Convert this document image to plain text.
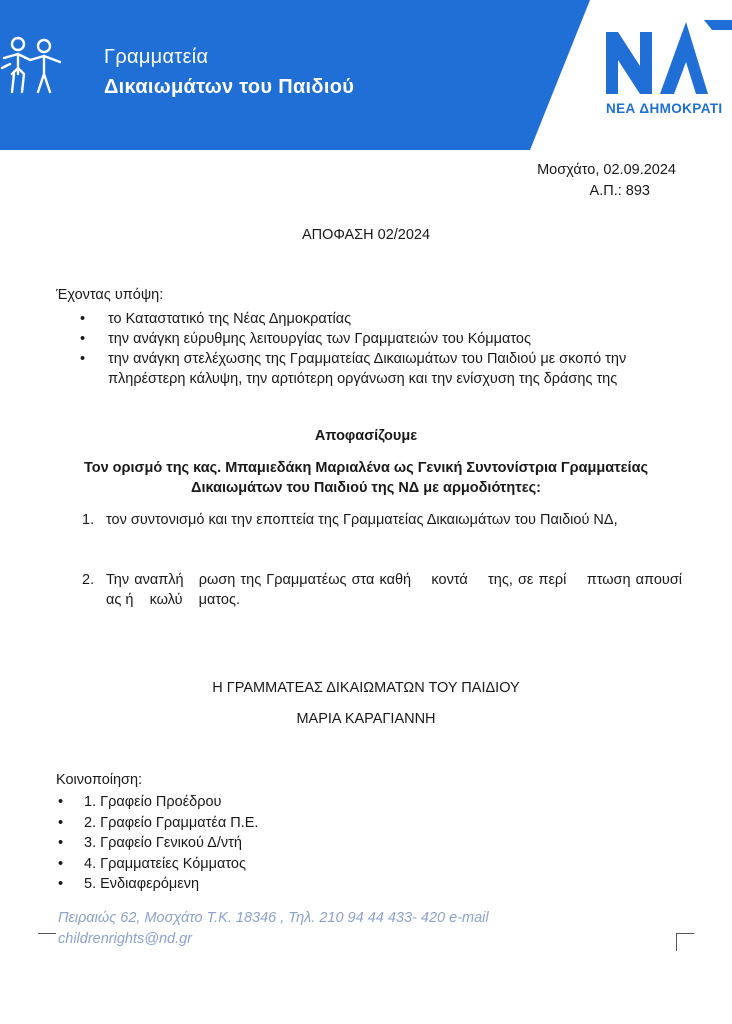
Γραμματεία
Δικαιωμάτων του Παιδιού
ΝΕΑ ΔΗΜΟΚΡΑΤΙ
Μοσχάτο, 02.09.2024
Α.Π.: 893
ΑΠΟΦΑΣΗ 02/2024
Έχοντας υπόψη:
• το Καταστατικό της Νέας Δημοκρατίας
• την ανάγκη εύρυθμης λειτουργίας των Γραμματειών του Κόμματος
• την ανάγκη στελέχωσης της Γραμματείας Δικαιωμάτων του Παιδιού με σκοπό την πληρέστερη κάλυψη, την αρτιότερη οργάνωση και την ενίσχυση της δράσης της
Αποφασίζουμε
Τον ορισμό της κας. Μπαμιεδάκη Μαριαλένα ως Γενική Συντονίστρια Γραμματείας Δικαιωμάτων του Παιδιού της ΝΔ με αρμοδιότητες:
1. τον συντονισμό και την εποπτεία της Γραμματείας Δικαιωμάτων του Παιδιού ΝΔ,
2. Την αναπλή   ρωση της Γραμματέως στα καθή    κοντά    της, σε περί    πτωση απουσί    ας ή    κωλύ    ματος.
Η ΓΡΑΜΜΑΤΕΑΣ ΔΙΚΑΙΩΜΑΤΩΝ ΤΟΥ ΠΑΙΔΙΟΥ
ΜΑΡΙΑ ΚΑΡΑΓΙΑΝΝΗ
Κοινοποίηση:
• 1. Γραφείο Προέδρου
• 2. Γραφείο Γραμματέα Π.Ε.
• 3. Γραφείο Γενικού Δ/ντή
• 4. Γραμματείες Κόμματος
• 5. Ενδιαφερόμενη
Πειραιώς 62, Μοσχάτο Τ.Κ. 18346 , Τηλ. 210 94 44 433- 420 e-mail
childrenrights@nd.gr
